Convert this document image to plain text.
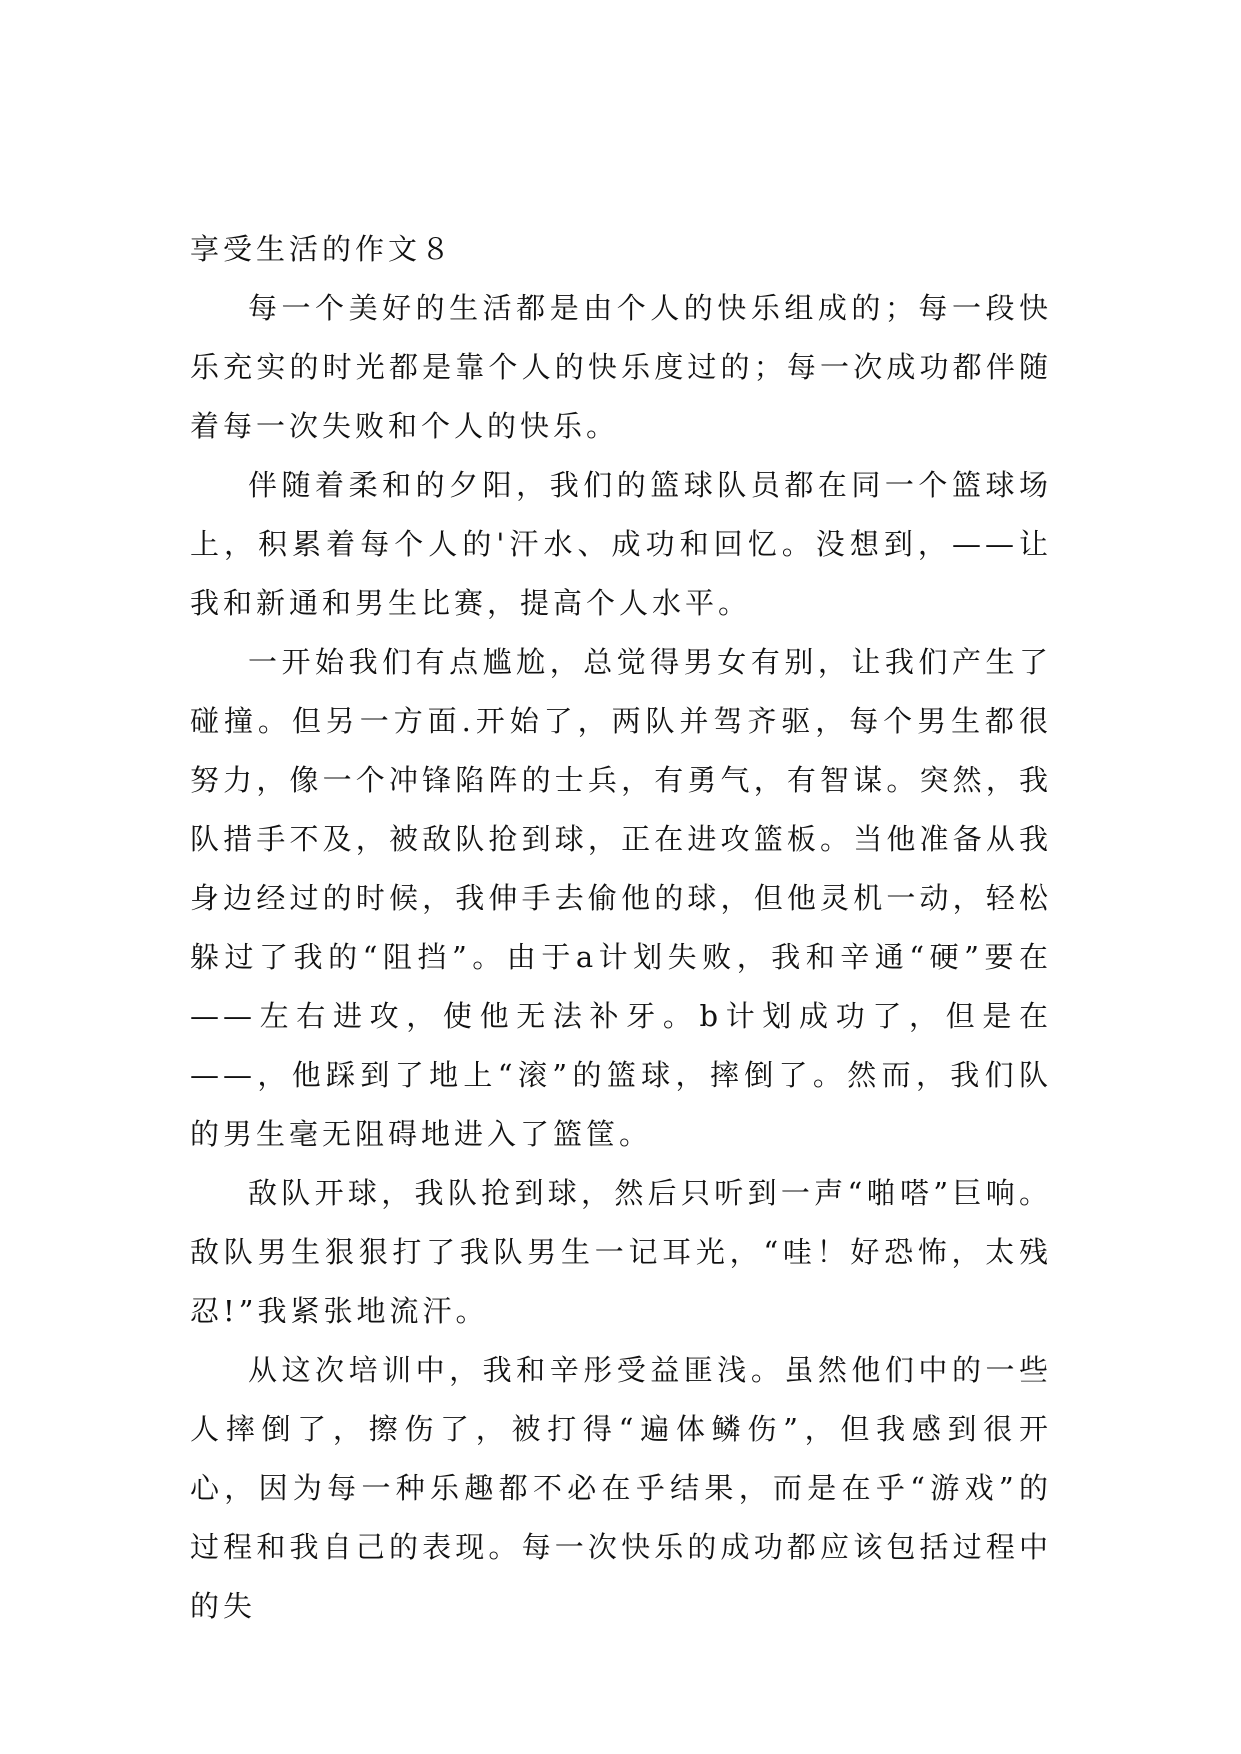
享受生活的作文８

每一个美好的生活都是由个人的快乐组成的；每一段快乐充实的时光都是靠个人的快乐度过的；每一次成功都伴随着每一次失败和个人的快乐。

伴随着柔和的夕阳，我们的篮球队员都在同一个篮球场上，积累着每个人的'汗水、成功和回忆。没想到，——让我和新通和男生比赛，提高个人水平。

一开始我们有点尴尬，总觉得男女有别，让我们产生了碰撞。但另一方面.开始了，两队并驾齐驱，每个男生都很努力，像一个冲锋陷阵的士兵，有勇气，有智谋。突然，我队措手不及，被敌队抢到球，正在进攻篮板。当他准备从我身边经过的时候，我伸手去偷他的球，但他灵机一动，轻松躲过了我的“阻挡”。由于a计划失败，我和辛通“硬”要在——左右进攻，使他无法补牙。b计划成功了，但是在——，他踩到了地上“滚”的篮球，摔倒了。然而，我们队的男生毫无阻碍地进入了篮筐。

敌队开球，我队抢到球，然后只听到一声“啪嗒”巨响。敌队男生狠狠打了我队男生一记耳光，“哇！好恐怖，太残忍!”我紧张地流汗。

从这次培训中，我和辛彤受益匪浅。虽然他们中的一些人摔倒了，擦伤了，被打得“遍体鳞伤”，但我感到很开心，因为每一种乐趣都不必在乎结果，而是在乎“游戏”的过程和我自己的表现。每一次快乐的成功都应该包括过程中的失
